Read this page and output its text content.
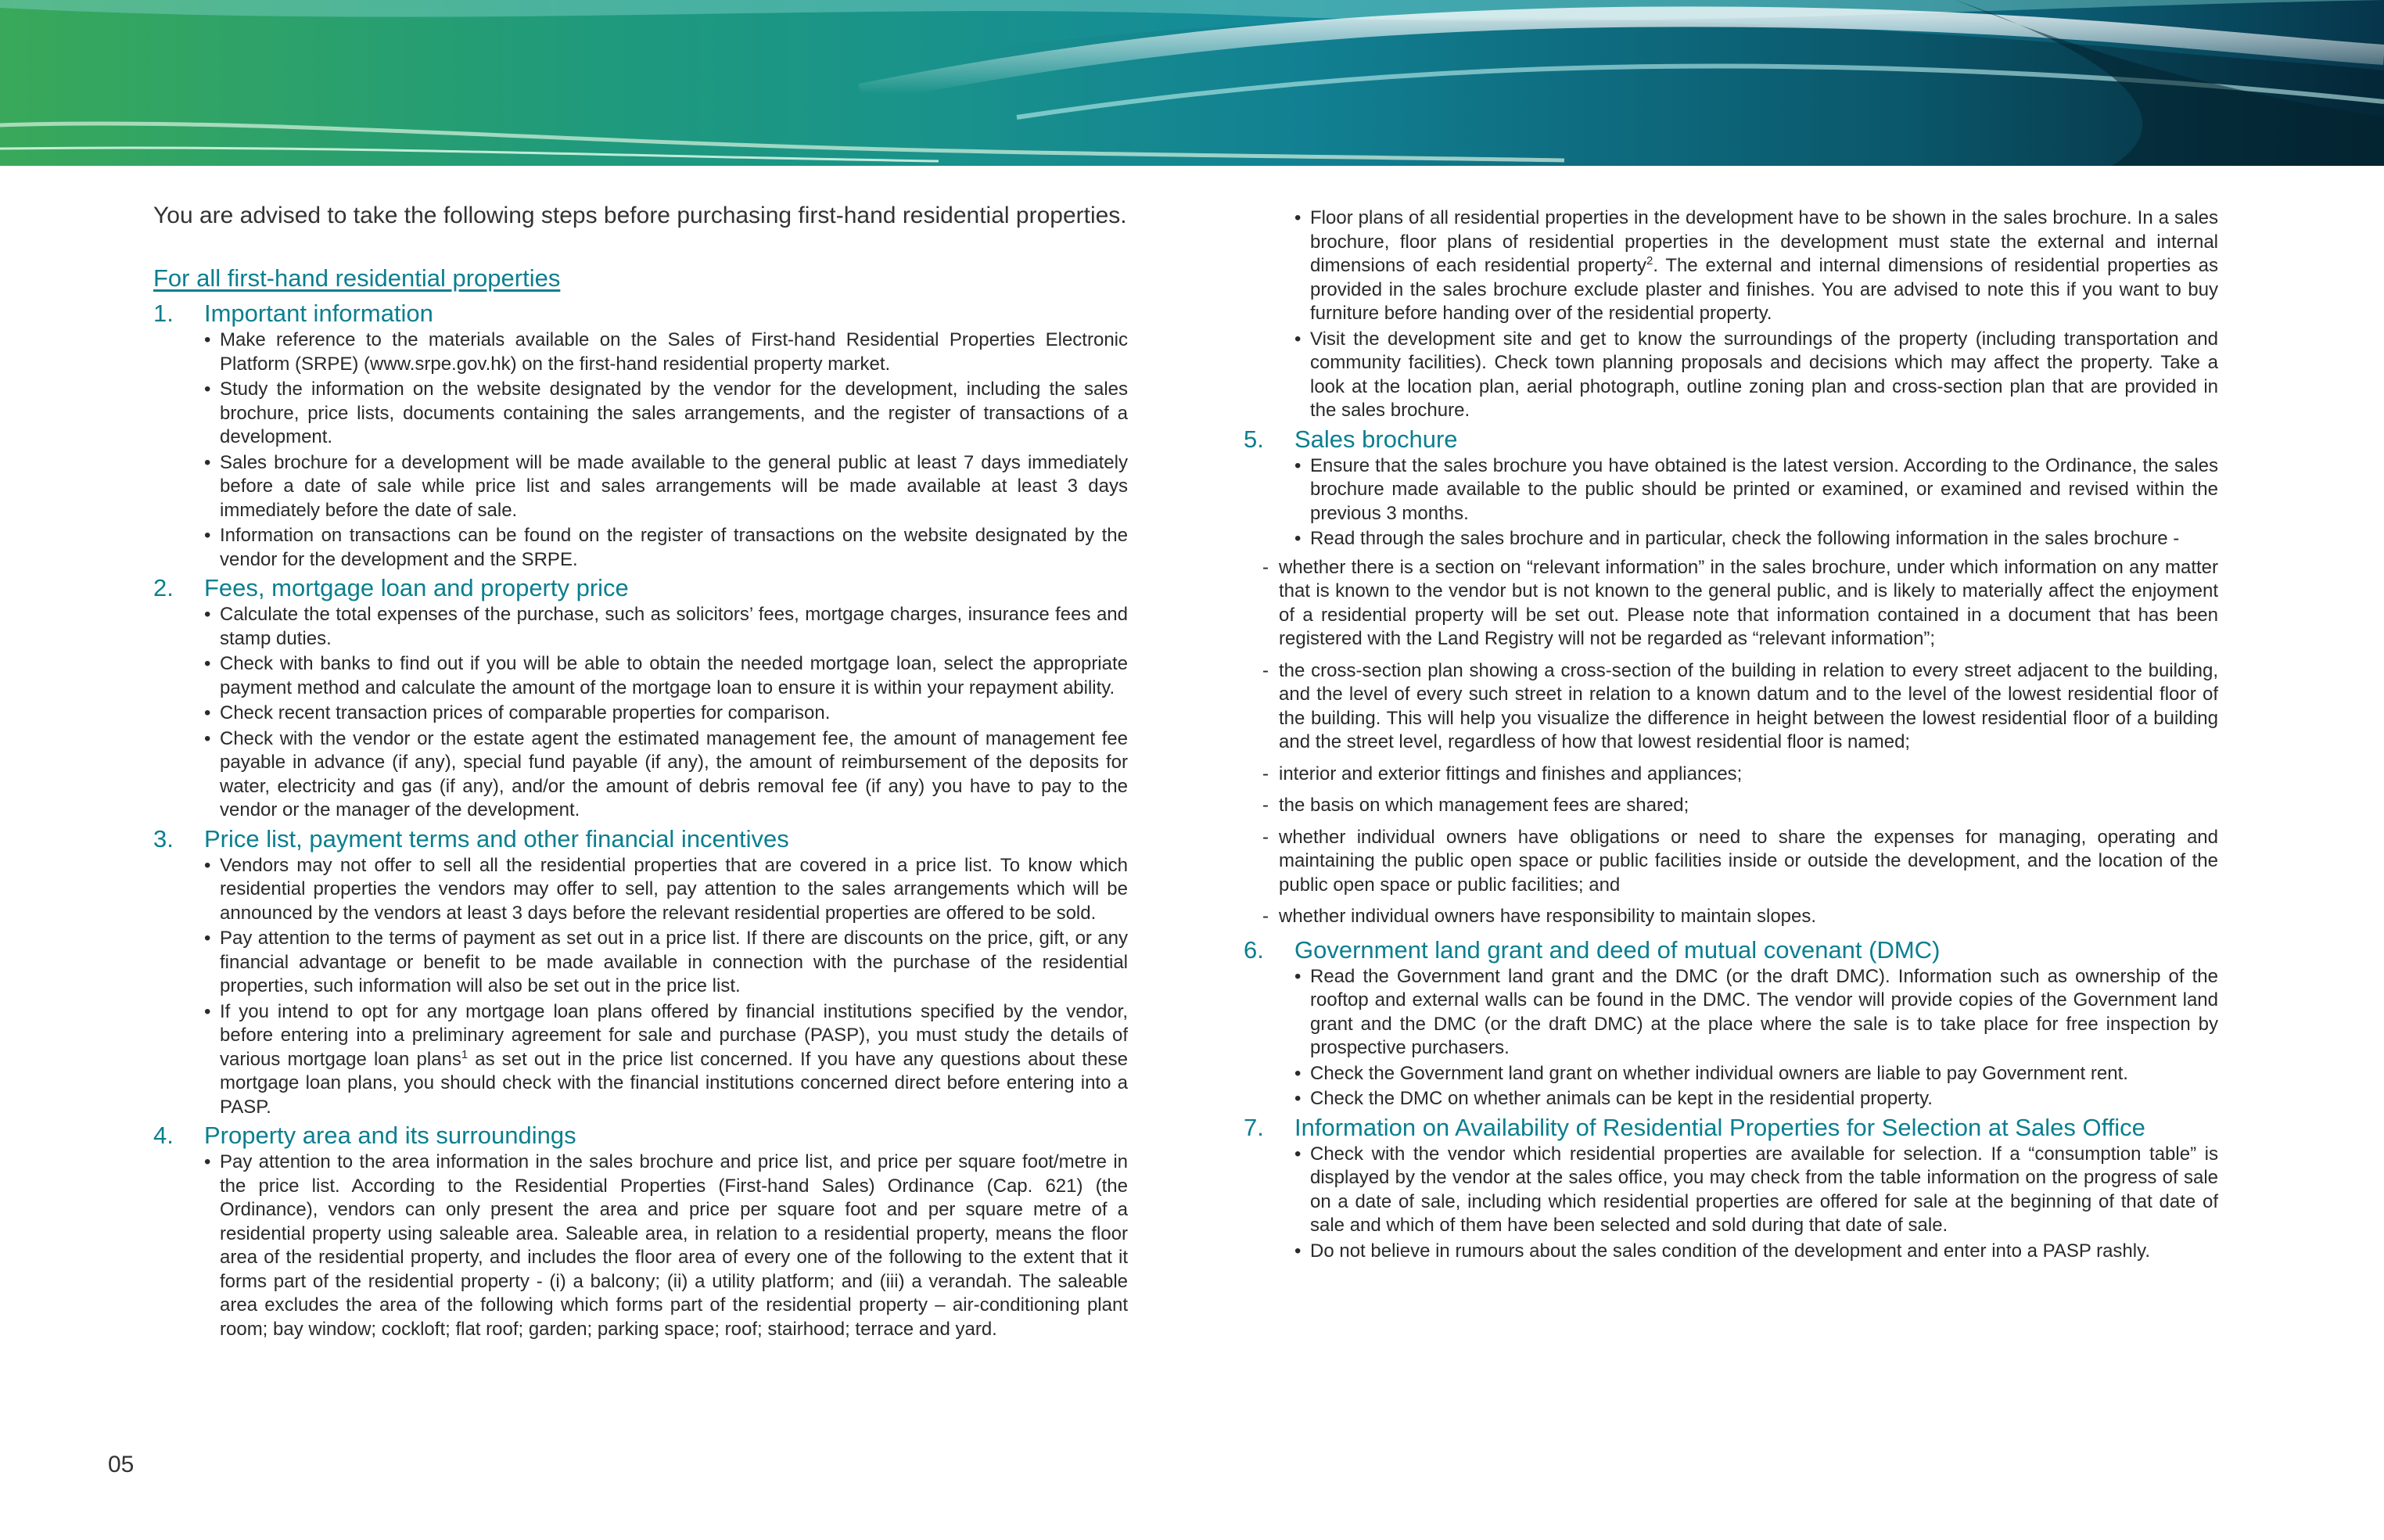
You are advised to take the following steps before purchasing first-hand residential properties.

For all first-hand residential properties
1.	Important information
• Make reference to the materials available on the Sales of First-hand Residential Properties Electronic Platform (SRPE) (www.srpe.gov.hk) on the first-hand residential property market.
• Study the information on the website designated by the vendor for the development, including the sales brochure, price lists, documents containing the sales arrangements, and the register of transactions of a development.
• Sales brochure for a development will be made available to the general public at least 7 days immediately before a date of sale while price list and sales arrangements will be made available at least 3 days immediately before the date of sale.
• Information on transactions can be found on the register of transactions on the website designated by the vendor for the development and the SRPE.
2.	Fees, mortgage loan and property price
• Calculate the total expenses of the purchase, such as solicitors’ fees, mortgage charges, insurance fees and stamp duties.
• Check with banks to find out if you will be able to obtain the needed mortgage loan, select the appropriate payment method and calculate the amount of the mortgage loan to ensure it is within your repayment ability.
• Check recent transaction prices of comparable properties for comparison.
• Check with the vendor or the estate agent the estimated management fee, the amount of management fee payable in advance (if any), special fund payable (if any), the amount of reimbursement of the deposits for water, electricity and gas (if any), and/or the amount of debris removal fee (if any) you have to pay to the vendor or the manager of the development.
3.	Price list, payment terms and other financial incentives
• Vendors may not offer to sell all the residential properties that are covered in a price list. To know which residential properties the vendors may offer to sell, pay attention to the sales arrangements which will be announced by the vendors at least 3 days before the relevant residential properties are offered to be sold.
• Pay attention to the terms of payment as set out in a price list. If there are discounts on the price, gift, or any financial advantage or benefit to be made available in connection with the purchase of the residential properties, such information will also be set out in the price list.
• If you intend to opt for any mortgage loan plans offered by financial institutions specified by the vendor, before entering into a preliminary agreement for sale and purchase (PASP), you must study the details of various mortgage loan plans$^1$ as set out in the price list concerned. If you have any questions about these mortgage loan plans, you should check with the financial institutions concerned direct before entering into a PASP.
4.	Property area and its surroundings
• Pay attention to the area information in the sales brochure and price list, and price per square foot/metre in the price list. According to the Residential Properties (First-hand Sales) Ordinance (Cap. 621) (the Ordinance), vendors can only present the area and price per square foot and per square metre of a residential property using saleable area. Saleable area, in relation to a residential property, means the floor area of the residential property, and includes the floor area of every one of the following to the extent that it forms part of the residential property - (i) a balcony; (ii) a utility platform; and (iii) a verandah. The saleable area excludes the area of the following which forms part of the residential property – air-conditioning plant room; bay window; cockloft; flat roof; garden; parking space; roof; stairhood; terrace and yard.
• Floor plans of all residential properties in the development have to be shown in the sales brochure. In a sales brochure, floor plans of residential properties in the development must state the external and internal dimensions of each residential property$^2$. The external and internal dimensions of residential properties as provided in the sales brochure exclude plaster and finishes. You are advised to note this if you want to buy furniture before handing over of the residential property.
• Visit the development site and get to know the surroundings of the property (including transportation and community facilities). Check town planning proposals and decisions which may affect the property. Take a look at the location plan, aerial photograph, outline zoning plan and cross-section plan that are provided in the sales brochure.
5.	Sales brochure
• Ensure that the sales brochure you have obtained is the latest version. According to the Ordinance, the sales brochure made available to the public should be printed or examined, or examined and revised within the previous 3 months.
• Read through the sales brochure and in particular, check the following information in the sales brochure -
- whether there is a section on “relevant information” in the sales brochure, under which information on any matter that is known to the vendor but is not known to the general public, and is likely to materially affect the enjoyment of a residential property will be set out. Please note that information contained in a document that has been registered with the Land Registry will not be regarded as “relevant information”;
- the cross-section plan showing a cross-section of the building in relation to every street adjacent to the building, and the level of every such street in relation to a known datum and to the level of the lowest residential floor of the building. This will help you visualize the difference in height between the lowest residential floor of a building and the street level, regardless of how that lowest residential floor is named;
- interior and exterior fittings and finishes and appliances;
- the basis on which management fees are shared;
- whether individual owners have obligations or need to share the expenses for managing, operating and maintaining the public open space or public facilities inside or outside the development, and the location of the public open space or public facilities; and
- whether individual owners have responsibility to maintain slopes.
6.	Government land grant and deed of mutual covenant (DMC)
• Read the Government land grant and the DMC (or the draft DMC). Information such as ownership of the rooftop and external walls can be found in the DMC. The vendor will provide copies of the Government land grant and the DMC (or the draft DMC) at the place where the sale is to take place for free inspection by prospective purchasers.
• Check the Government land grant on whether individual owners are liable to pay Government rent.
• Check the DMC on whether animals can be kept in the residential property.
7.	Information on Availability of Residential Properties for Selection at Sales Office
• Check with the vendor which residential properties are available for selection. If a “consumption table” is displayed by the vendor at the sales office, you may check from the table information on the progress of sale on a date of sale, including which residential properties are offered for sale at the beginning of that date of sale and which of them have been selected and sold during that date of sale.
• Do not believe in rumours about the sales condition of the development and enter into a PASP rashly.
05
